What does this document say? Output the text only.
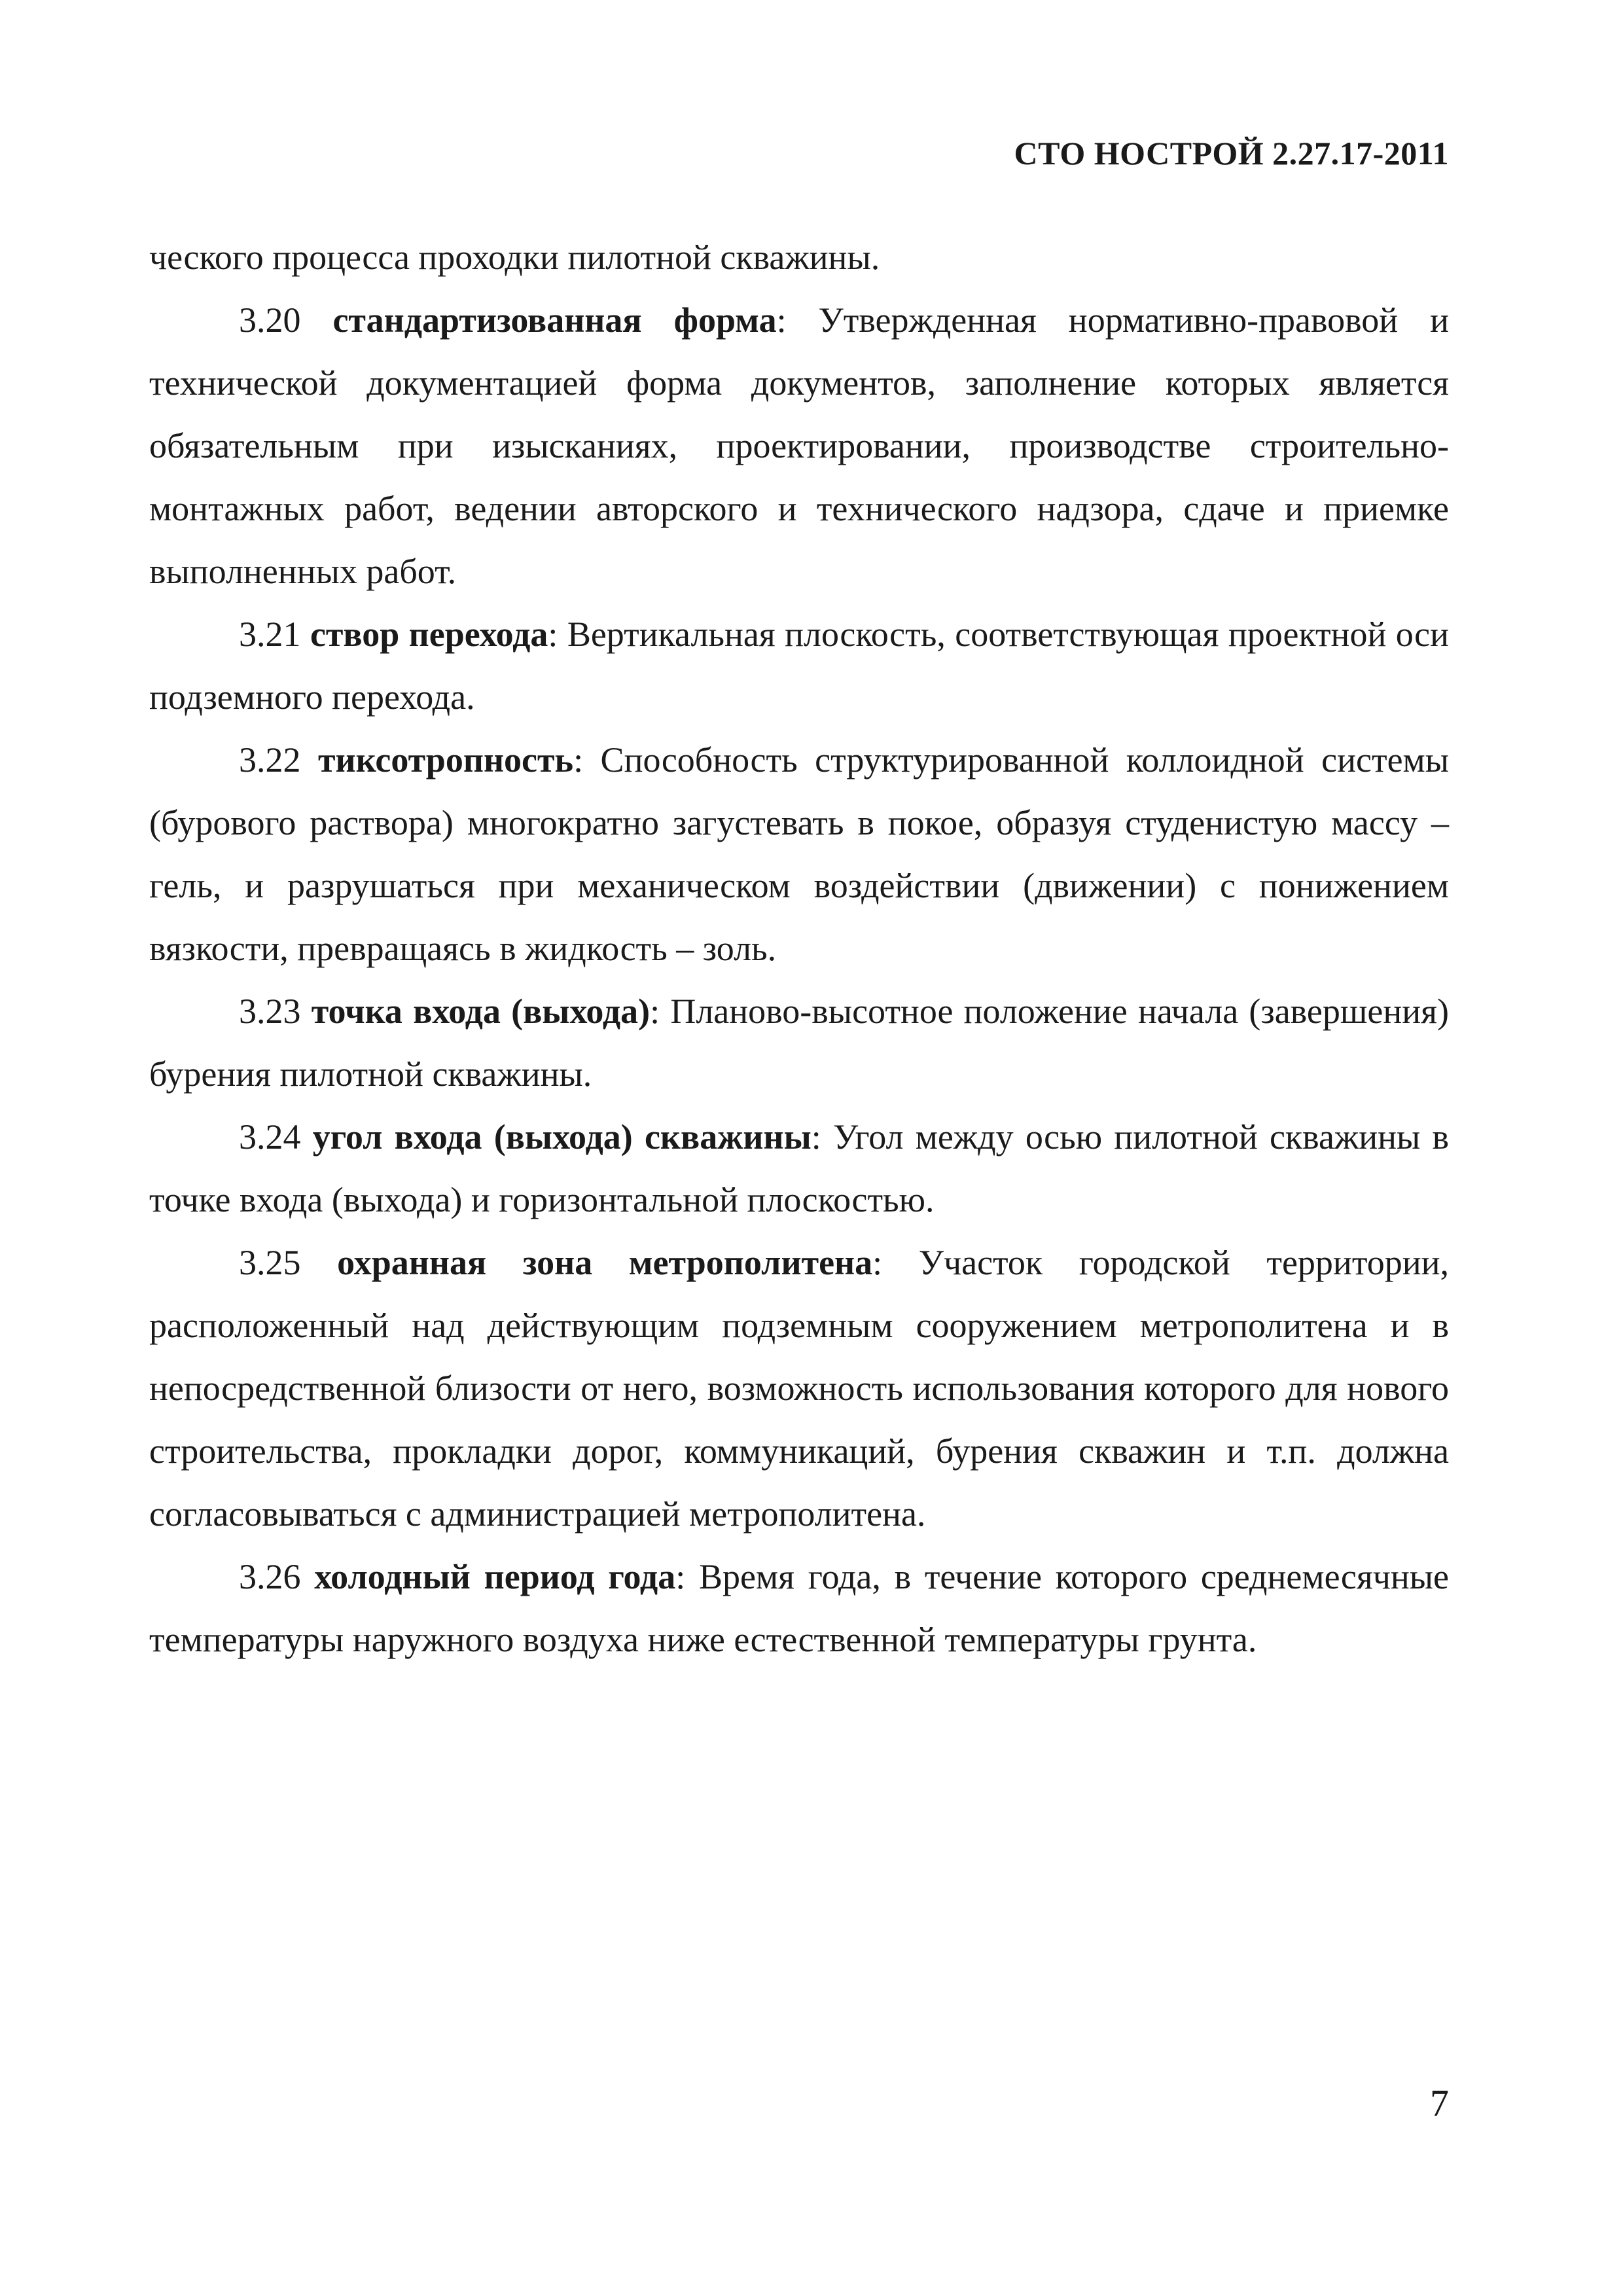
СТО НОСТРОЙ 2.27.17-2011

ческого процесса проходки пилотной скважины.

3.20 стандартизованная форма: Утвержденная нормативно-правовой и технической документацией форма документов, заполнение которых является обязательным при изысканиях, проектировании, производстве строительно-монтажных работ, ведении авторского и технического надзора, сдаче и приемке выполненных работ.

3.21 створ перехода: Вертикальная плоскость, соответствующая проектной оси подземного перехода.

3.22 тиксотропность: Способность структурированной коллоидной системы (бурового раствора) многократно загустевать в покое, образуя студенистую массу – гель, и разрушаться при механическом воздействии (движении) с понижением вязкости, превращаясь в жидкость – золь.

3.23 точка входа (выхода): Планово-высотное положение начала (завершения) бурения пилотной скважины.

3.24 угол входа (выхода) скважины: Угол между осью пилотной скважины в точке входа (выхода) и горизонтальной плоскостью.

3.25 охранная зона метрополитена: Участок городской территории, расположенный над действующим подземным сооружением метрополитена и в непосредственной близости от него, возможность использования которого для нового строительства, прокладки дорог, коммуникаций, бурения скважин и т.п. должна согласовываться с администрацией метрополитена.

3.26 холодный период года: Время года, в течение которого среднемесячные температуры наружного воздуха ниже естественной температуры грунта.

7
